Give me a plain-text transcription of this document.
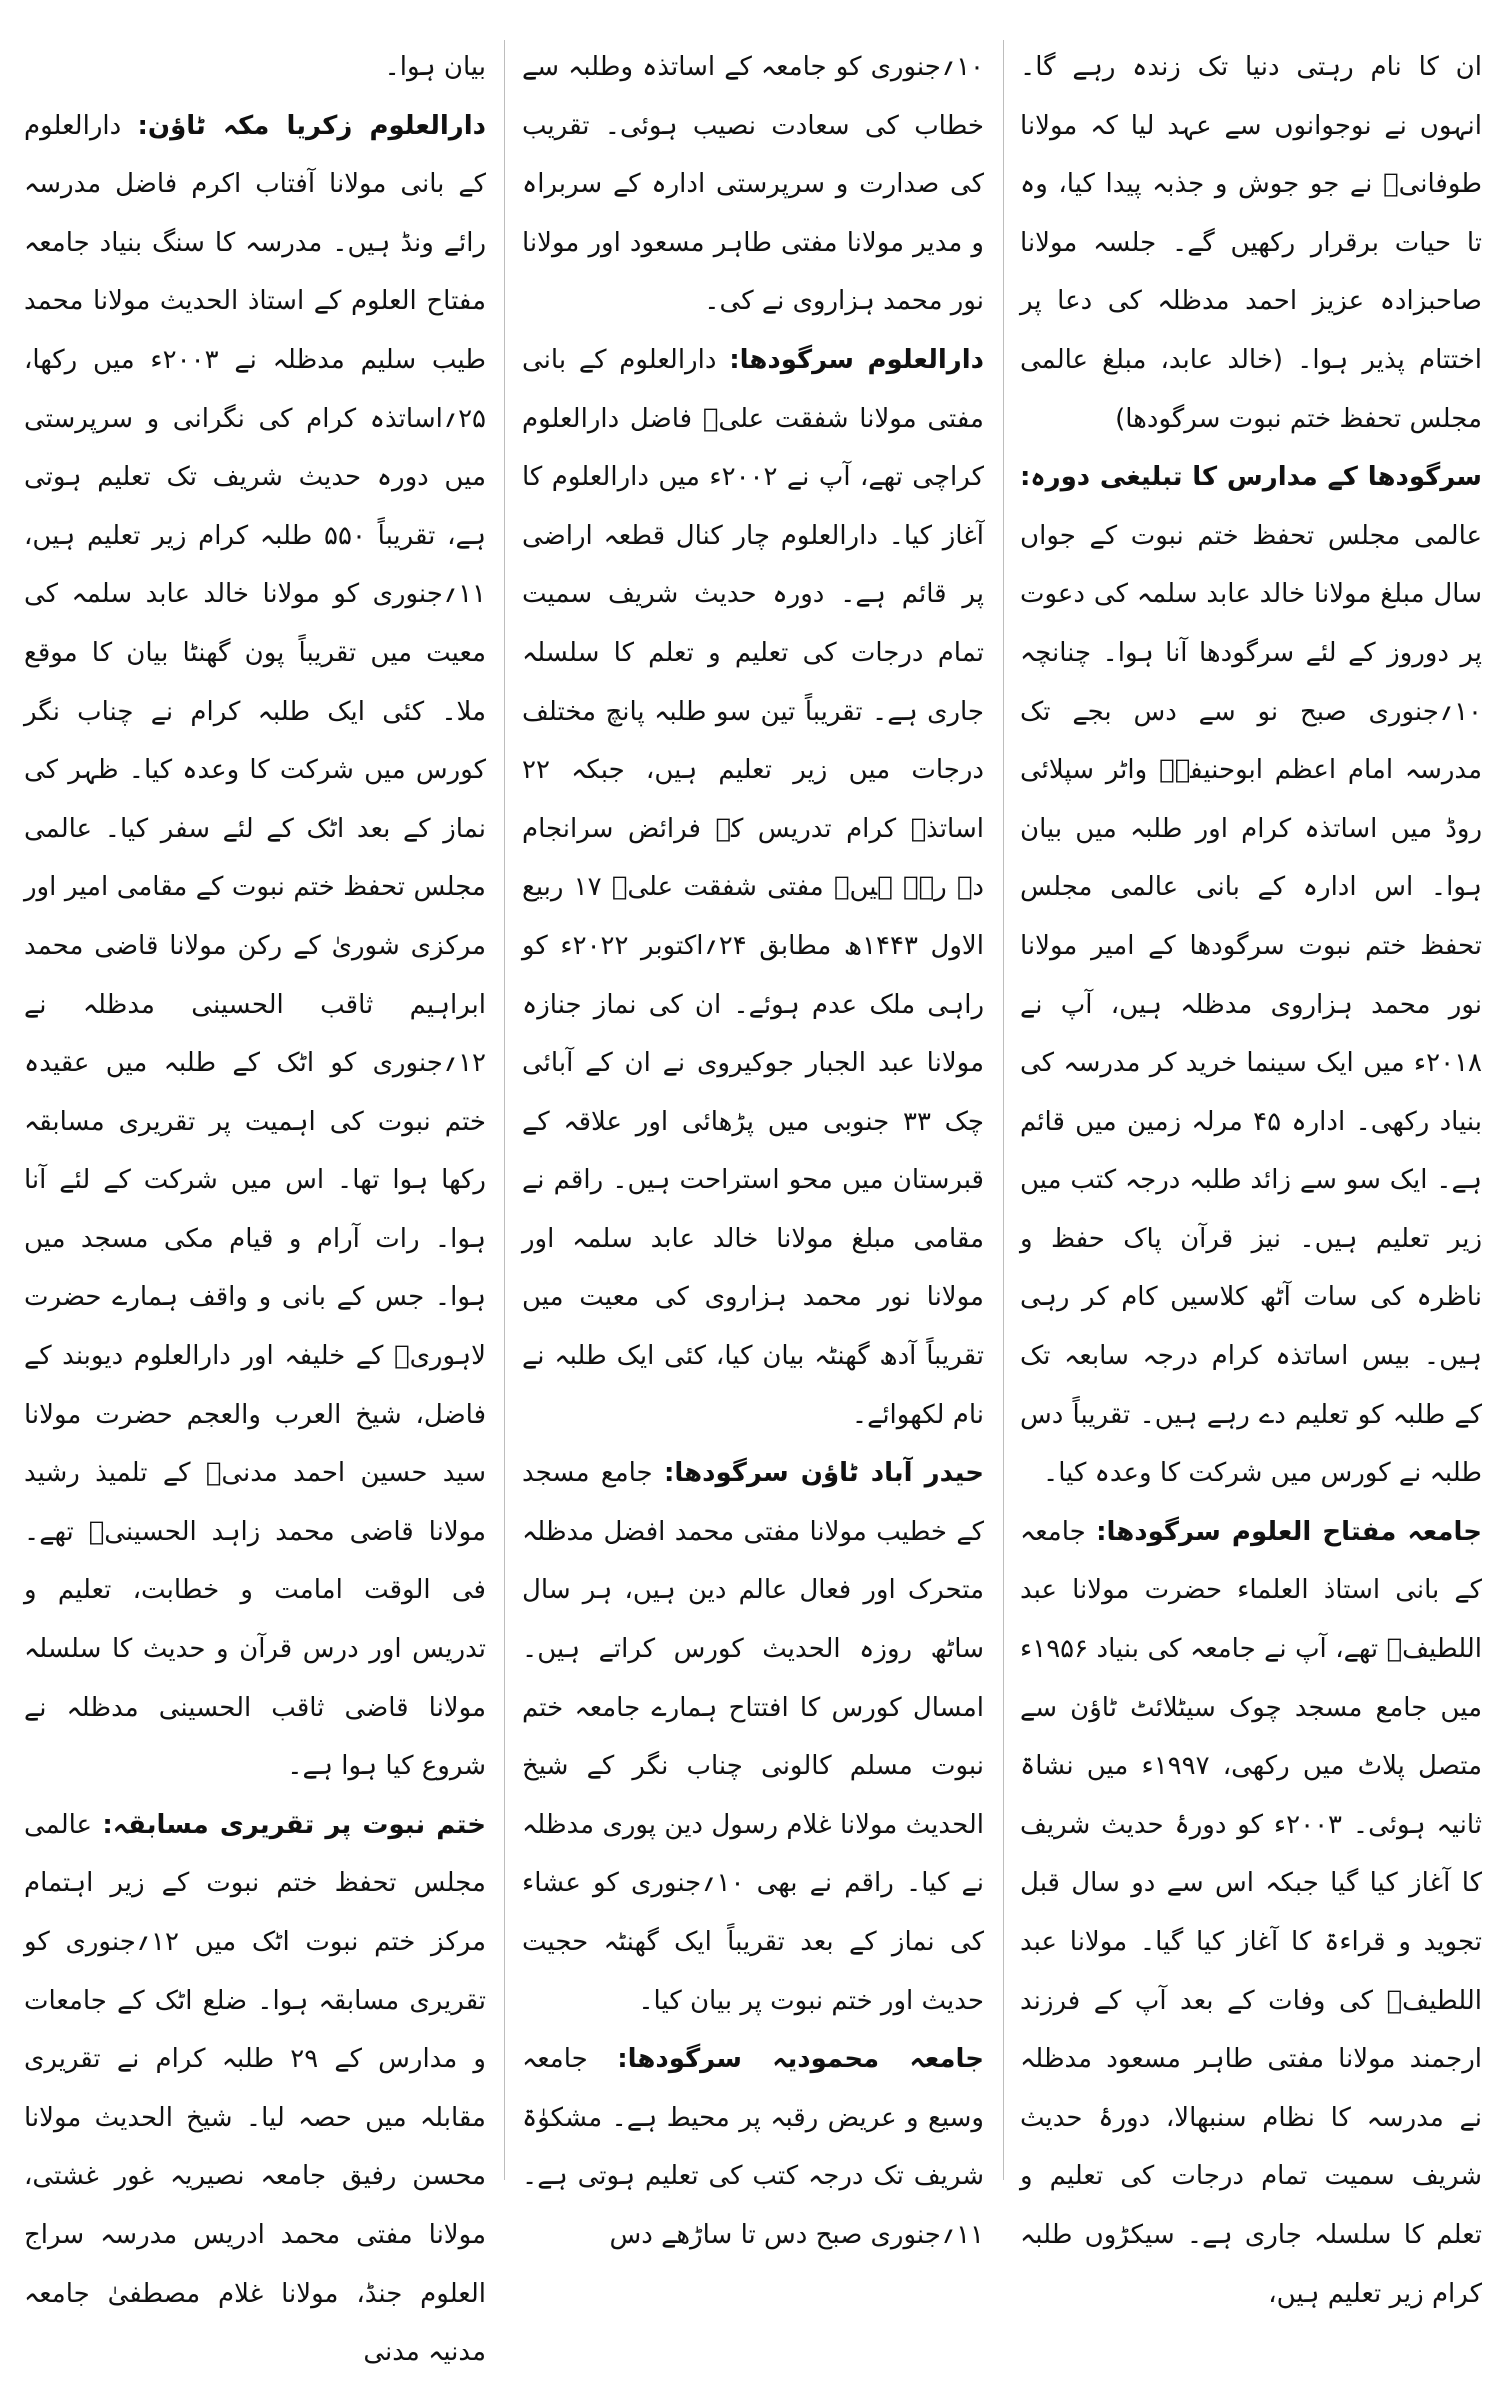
ان کا نام رہتی دنیا تک زندہ رہے گا۔ انہوں نے نوجوانوں سے عہد لیا کہ مولانا طوفانیؒ نے جو جوش و جذبہ پیدا کیا، وہ تا حیات برقرار رکھیں گے۔ جلسہ مولانا صاحبزادہ عزیز احمد مدظلہ کی دعا پر اختتام پذیر ہوا۔ (خالد عابد، مبلغ عالمی مجلس تحفظ ختم نبوت سرگودھا)

سرگودھا کے مدارس کا تبلیغی دورہ: عالمی مجلس تحفظ ختم نبوت کے جواں سال مبلغ مولانا خالد عابد سلمہ کی دعوت پر دوروز کے لئے سرگودھا آنا ہوا۔ چنانچہ ۱۰؍جنوری صبح نو سے دس بجے تک مدرسہ امام اعظم ابوحنیفہؒ واٹر سپلائی روڈ میں اساتذہ کرام اور طلبہ میں بیان ہوا۔ اس ادارہ کے بانی عالمی مجلس تحفظ ختم نبوت سرگودھا کے امیر مولانا نور محمد ہزاروی مدظلہ ہیں، آپ نے ۲۰۱۸ء میں ایک سینما خرید کر مدرسہ کی بنیاد رکھی۔ ادارہ ۴۵ مرلہ زمین میں قائم ہے۔ ایک سو سے زائد طلبہ درجہ کتب میں زیر تعلیم ہیں۔ نیز قرآن پاک حفظ و ناظرہ کی سات آٹھ کلاسیں کام کر رہی ہیں۔ بیس اساتذہ کرام درجہ سابعہ تک کے طلبہ کو تعلیم دے رہے ہیں۔ تقریباً دس طلبہ نے کورس میں شرکت کا وعدہ کیا۔

جامعہ مفتاح العلوم سرگودھا: جامعہ کے بانی استاذ العلماء حضرت مولانا عبد اللطیفؒ تھے، آپ نے جامعہ کی بنیاد ۱۹۵۶ء میں جامع مسجد چوک سیٹلائٹ ٹاؤن سے متصل پلاٹ میں رکھی، ۱۹۹۷ء میں نشاۃ ثانیہ ہوئی۔ ۲۰۰۳ء کو دورۂ حدیث شریف کا آغاز کیا گیا جبکہ اس سے دو سال قبل تجوید و قراءۃ کا آغاز کیا گیا۔ مولانا عبد اللطیفؒ کی وفات کے بعد آپ کے فرزند ارجمند مولانا مفتی طاہر مسعود مدظلہ نے مدرسہ کا نظام سنبھالا، دورۂ حدیث شریف سمیت تمام درجات کی تعلیم و تعلم کا سلسلہ جاری ہے۔ سیکڑوں طلبہ کرام زیر تعلیم ہیں،

۱۰؍جنوری کو جامعہ کے اساتذہ وطلبہ سے خطاب کی سعادت نصیب ہوئی۔ تقریب کی صدارت و سرپرستی ادارہ کے سربراہ و مدیر مولانا مفتی طاہر مسعود اور مولانا نور محمد ہزاروی نے کی۔

دارالعلوم سرگودھا: دارالعلوم کے بانی مفتی مولانا شفقت علیؒ فاضل دارالعلوم کراچی تھے، آپ نے ۲۰۰۲ء میں دارالعلوم کا آغاز کیا۔ دارالعلوم چار کنال قطعہ اراضی پر قائم ہے۔ دورہ حدیث شریف سمیت تمام درجات کی تعلیم و تعلم کا سلسلہ جاری ہے۔ تقریباً تین سو طلبہ پانچ مختلف درجات میں زیر تعلیم ہیں، جبکہ ۲۲ اساتذہ کرام تدریس کے فرائض سرانجام دے رہے ہیں۔ مفتی شفقت علیؒ ۱۷ ربیع الاول ۱۴۴۳ھ مطابق ۲۴؍اکتوبر ۲۰۲۲ء کو راہی ملک عدم ہوئے۔ ان کی نماز جنازہ مولانا عبد الجبار جوکیروی نے ان کے آبائی چک ۳۳ جنوبی میں پڑھائی اور علاقہ کے قبرستان میں محو استراحت ہیں۔ راقم نے مقامی مبلغ مولانا خالد عابد سلمہ اور مولانا نور محمد ہزاروی کی معیت میں تقریباً آدھ گھنٹہ بیان کیا، کئی ایک طلبہ نے نام لکھوائے۔

حیدر آباد ٹاؤن سرگودھا: جامع مسجد کے خطیب مولانا مفتی محمد افضل مدظلہ متحرک اور فعال عالم دین ہیں، ہر سال ساٹھ روزہ الحدیث کورس کراتے ہیں۔ امسال کورس کا افتتاح ہمارے جامعہ ختم نبوت مسلم کالونی چناب نگر کے شیخ الحدیث مولانا غلام رسول دین پوری مدظلہ نے کیا۔ راقم نے بھی ۱۰؍جنوری کو عشاء کی نماز کے بعد تقریباً ایک گھنٹہ حجیت حدیث اور ختم نبوت پر بیان کیا۔

جامعہ محمودیہ سرگودھا: جامعہ وسیع و عریض رقبہ پر محیط ہے۔ مشکوٰۃ شریف تک درجہ کتب کی تعلیم ہوتی ہے۔ ۱۱؍جنوری صبح دس تا ساڑھے دس

بیان ہوا۔

دارالعلوم زکریا مکہ ٹاؤن: دارالعلوم کے بانی مولانا آفتاب اکرم فاضل مدرسہ رائے ونڈ ہیں۔ مدرسہ کا سنگ بنیاد جامعہ مفتاح العلوم کے استاذ الحدیث مولانا محمد طیب سلیم مدظلہ نے ۲۰۰۳ء میں رکھا، ۲۵؍اساتذہ کرام کی نگرانی و سرپرستی میں دورہ حدیث شریف تک تعلیم ہوتی ہے، تقریباً ۵۵۰ طلبہ کرام زیر تعلیم ہیں، ۱۱؍جنوری کو مولانا خالد عابد سلمہ کی معیت میں تقریباً پون گھنٹا بیان کا موقع ملا۔ کئی ایک طلبہ کرام نے چناب نگر کورس میں شرکت کا وعدہ کیا۔ ظہر کی نماز کے بعد اٹک کے لئے سفر کیا۔ عالمی مجلس تحفظ ختم نبوت کے مقامی امیر اور مرکزی شوریٰ کے رکن مولانا قاضی محمد ابراہیم ثاقب الحسینی مدظلہ نے ۱۲؍جنوری کو اٹک کے طلبہ میں عقیدہ ختم نبوت کی اہمیت پر تقریری مسابقہ رکھا ہوا تھا۔ اس میں شرکت کے لئے آنا ہوا۔ رات آرام و قیام مکی مسجد میں ہوا۔ جس کے بانی و واقف ہمارے حضرت لاہوریؒ کے خلیفہ اور دارالعلوم دیوبند کے فاضل، شیخ العرب والعجم حضرت مولانا سید حسین احمد مدنیؒ کے تلمیذ رشید مولانا قاضی محمد زاہد الحسینیؒ تھے۔ فی الوقت امامت و خطابت، تعلیم و تدریس اور درس قرآن و حدیث کا سلسلہ مولانا قاضی ثاقب الحسینی مدظلہ نے شروع کیا ہوا ہے۔

ختم نبوت پر تقریری مسابقہ: عالمی مجلس تحفظ ختم نبوت کے زیر اہتمام مرکز ختم نبوت اٹک میں ۱۲؍جنوری کو تقریری مسابقہ ہوا۔ ضلع اٹک کے جامعات و مدارس کے ۲۹ طلبہ کرام نے تقریری مقابلہ میں حصہ لیا۔ شیخ الحدیث مولانا محسن رفیق جامعہ نصیریہ غور غشتی، مولانا مفتی محمد ادریس مدرسہ سراج العلوم جنڈ، مولانا غلام مصطفیٰ جامعہ مدنیہ مدنی
